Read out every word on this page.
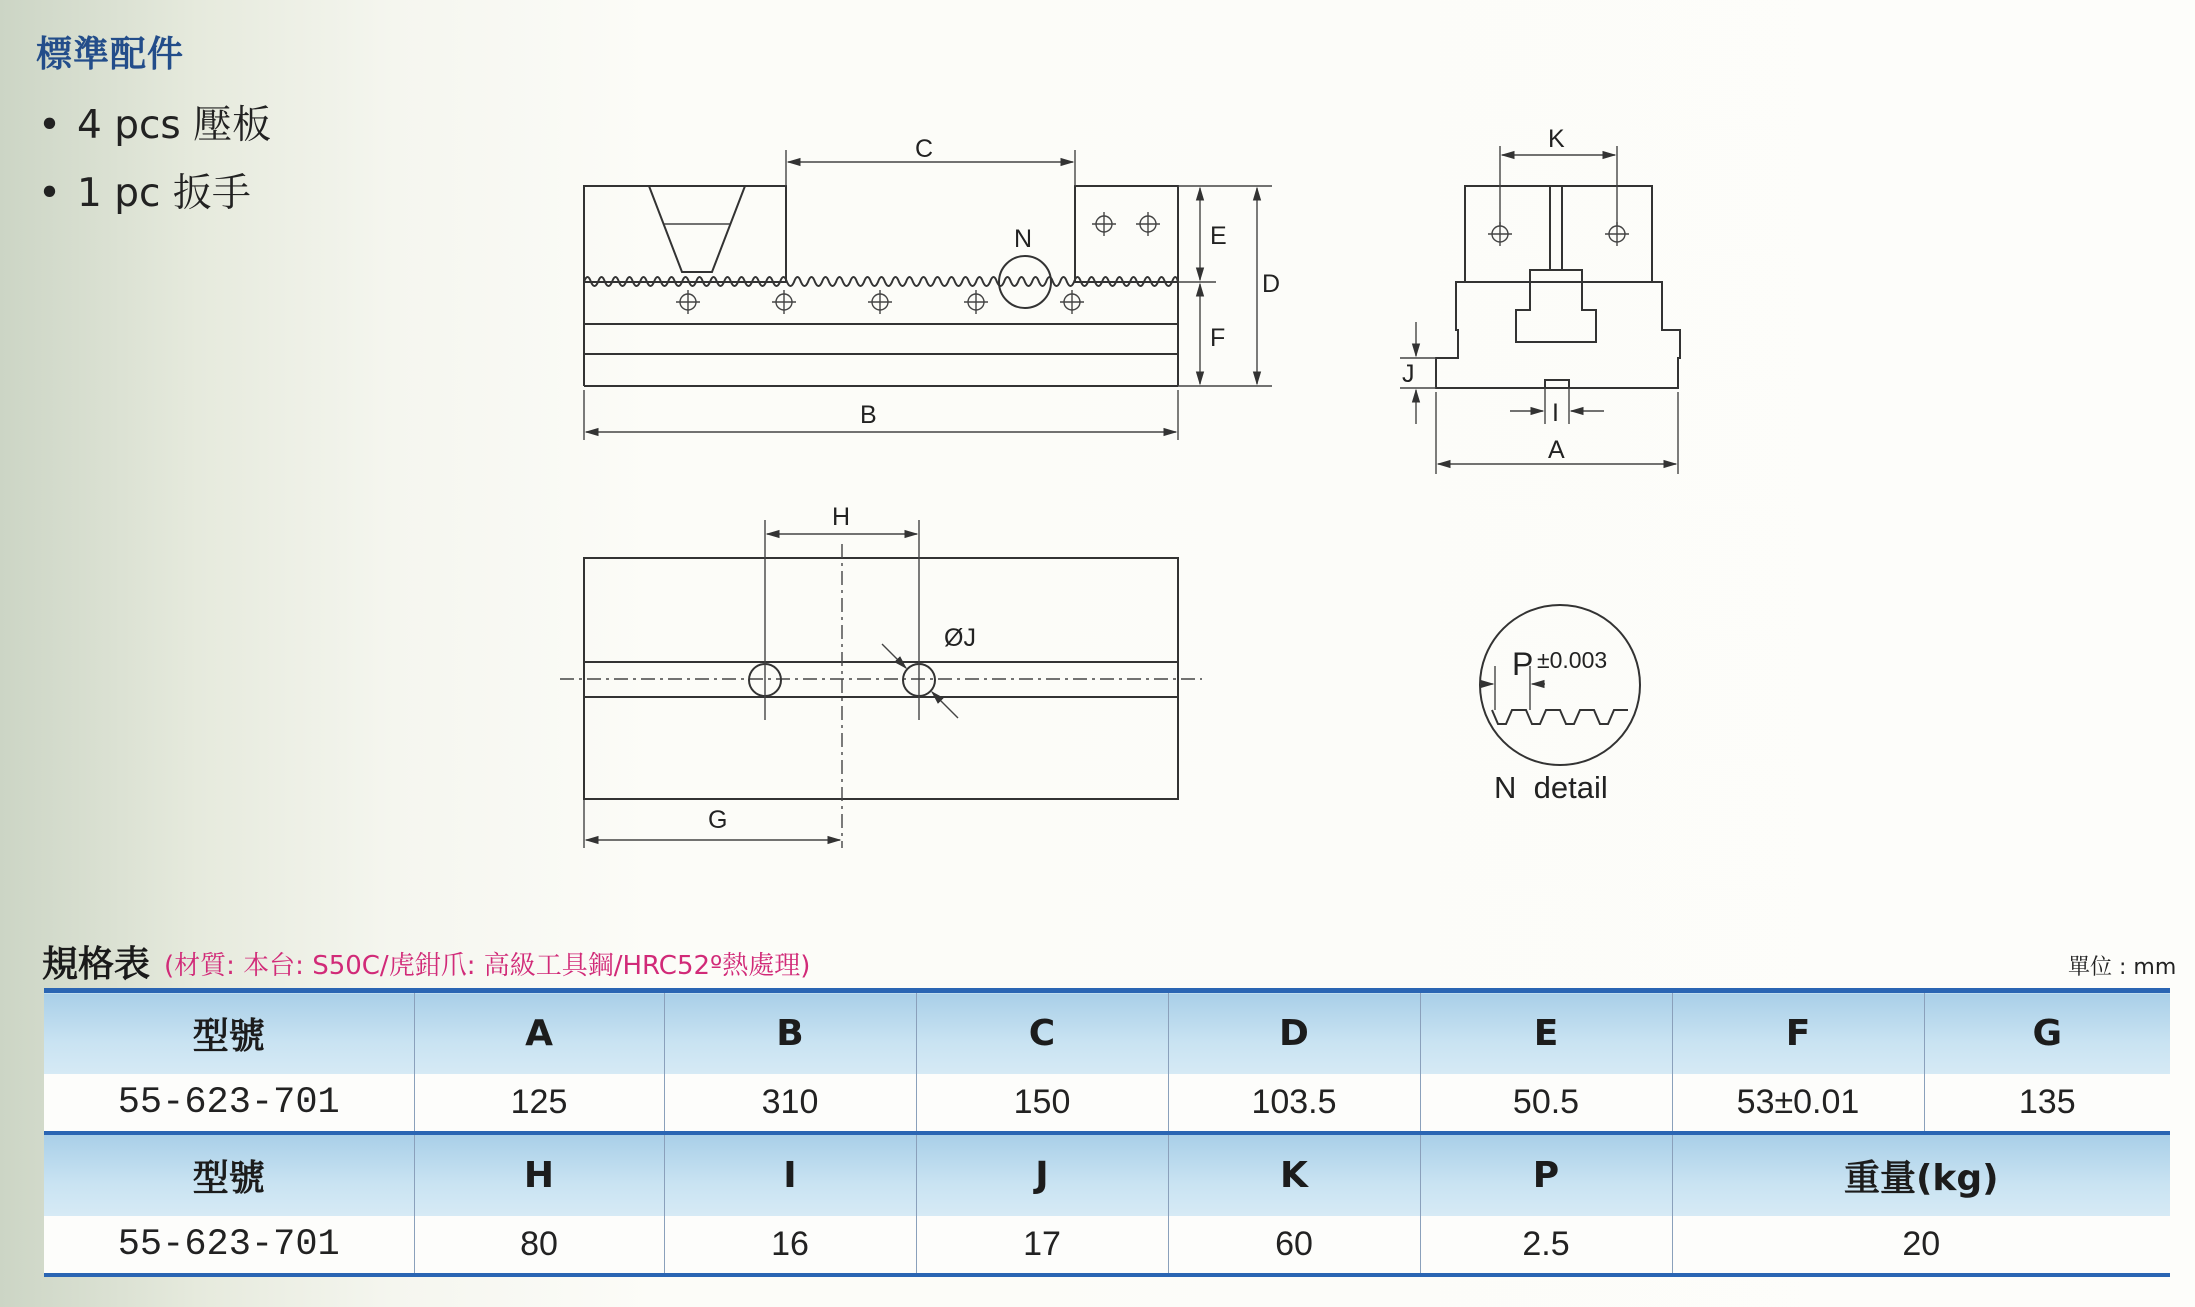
標準配件
• 4 pcs 壓板
• 1 pc 扳手
N
C
B
E
F
D
K
J
I
A
H
ØJ
G
P ±0.003
N  detail
規格表 (材質: 本台: S50C/虎鉗爪: 高級工具鋼/HRC52º熱處理)	單位 : mm
型號	A	B	C	D	E	F	G
55-623-701	125	310	150	103.5	50.5	53±0.01	135
型號	H	I	J	K	P	重量(kg)	
55-623-701	80	16	17	60	2.5	20	
